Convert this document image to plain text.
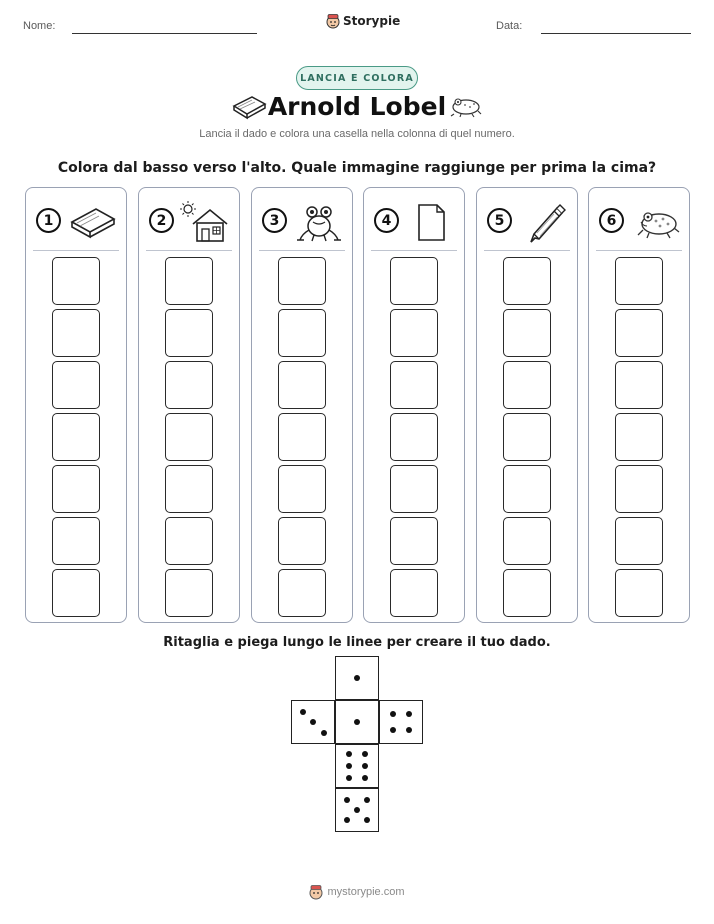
Nome:	Storypie	Data:
LANCIA E COLORA
Arnold Lobel
Lancia il dado e colora una casella nella colonna di quel numero.
Colora dal basso verso l'alto. Quale immagine raggiunge per prima la cima?
1	2	3	4	5	6
Ritaglia e piega lungo le linee per creare il tuo dado.
mystorypie.com
